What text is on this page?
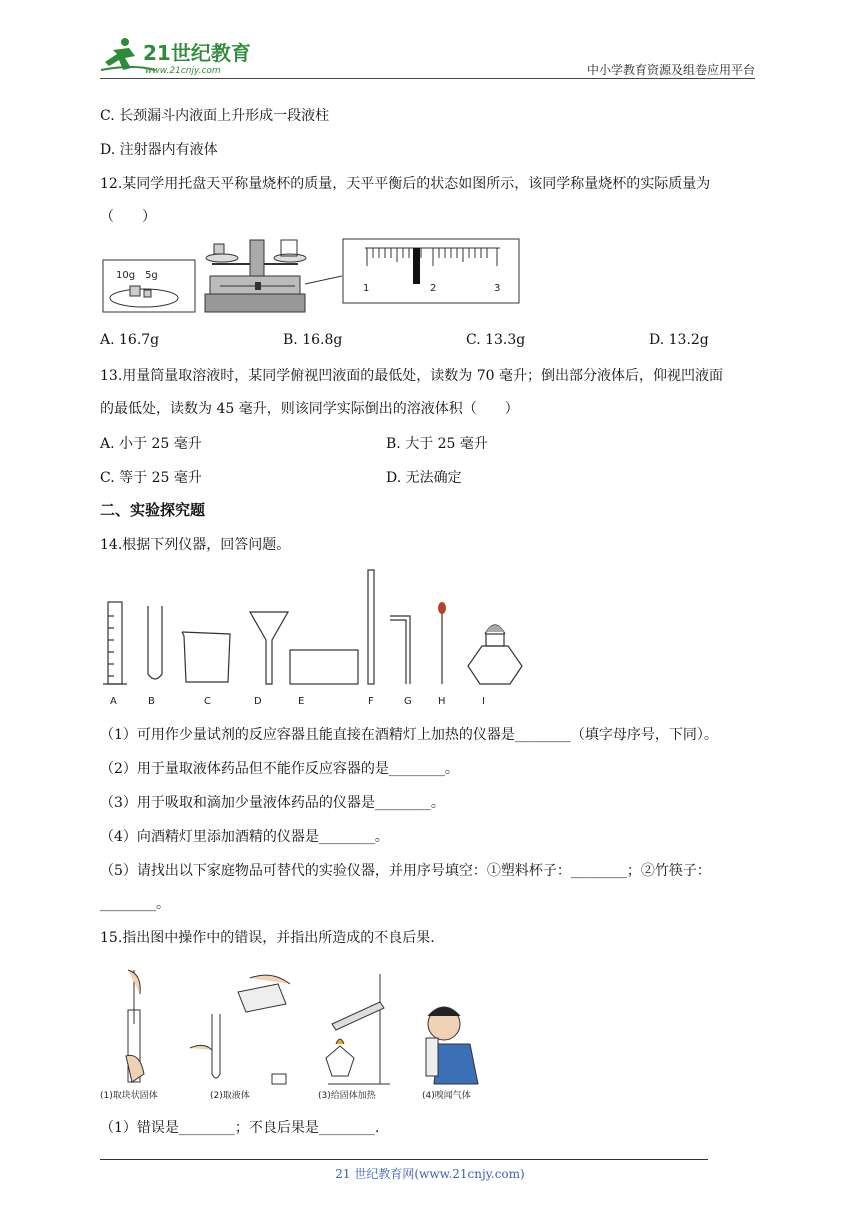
21世纪教育
www.21cnjy.com	中小学教育资源及组卷应用平台
C. 长颈漏斗内液面上升形成一段液柱
D. 注射器内有液体
12.某同学用托盘天平称量烧杯的质量，天平平衡后的状态如图所示，该同学称量烧杯的实际质量为
（　　）
10g　5g
1	2	3
A. 16.7g	B. 16.8g	C. 13.3g	D. 13.2g
13.用量筒量取溶液时，某同学俯视凹液面的最低处，读数为 70 毫升；倒出部分液体后，仰视凹液面
的最低处，读数为 45 毫升，则该同学实际倒出的溶液体积（　　）
A. 小于 25 毫升	B. 大于 25 毫升
C. 等于 25 毫升	D. 无法确定
二、实验探究题
14.根据下列仪器，回答问题。
A	B	C	D	E	F	G	H	I
（1）可用作少量试剂的反应容器且能直接在酒精灯上加热的仪器是________（填字母序号，下同）。
（2）用于量取液体药品但不能作反应容器的是________。
（3）用于吸取和滴加少量液体药品的仪器是________。
（4）向酒精灯里添加酒精的仪器是________。
（5）请找出以下家庭物品可替代的实验仪器，并用序号填空：①塑料杯子：________；②竹筷子：
________。
15.指出图中操作中的错误，并指出所造成的不良后果.
(1)取块状固体	(2)取液体	(3)给固体加热	(4)嗅闻气体
（1）错误是________；不良后果是________.
21 世纪教育网(www.21cnjy.com)
